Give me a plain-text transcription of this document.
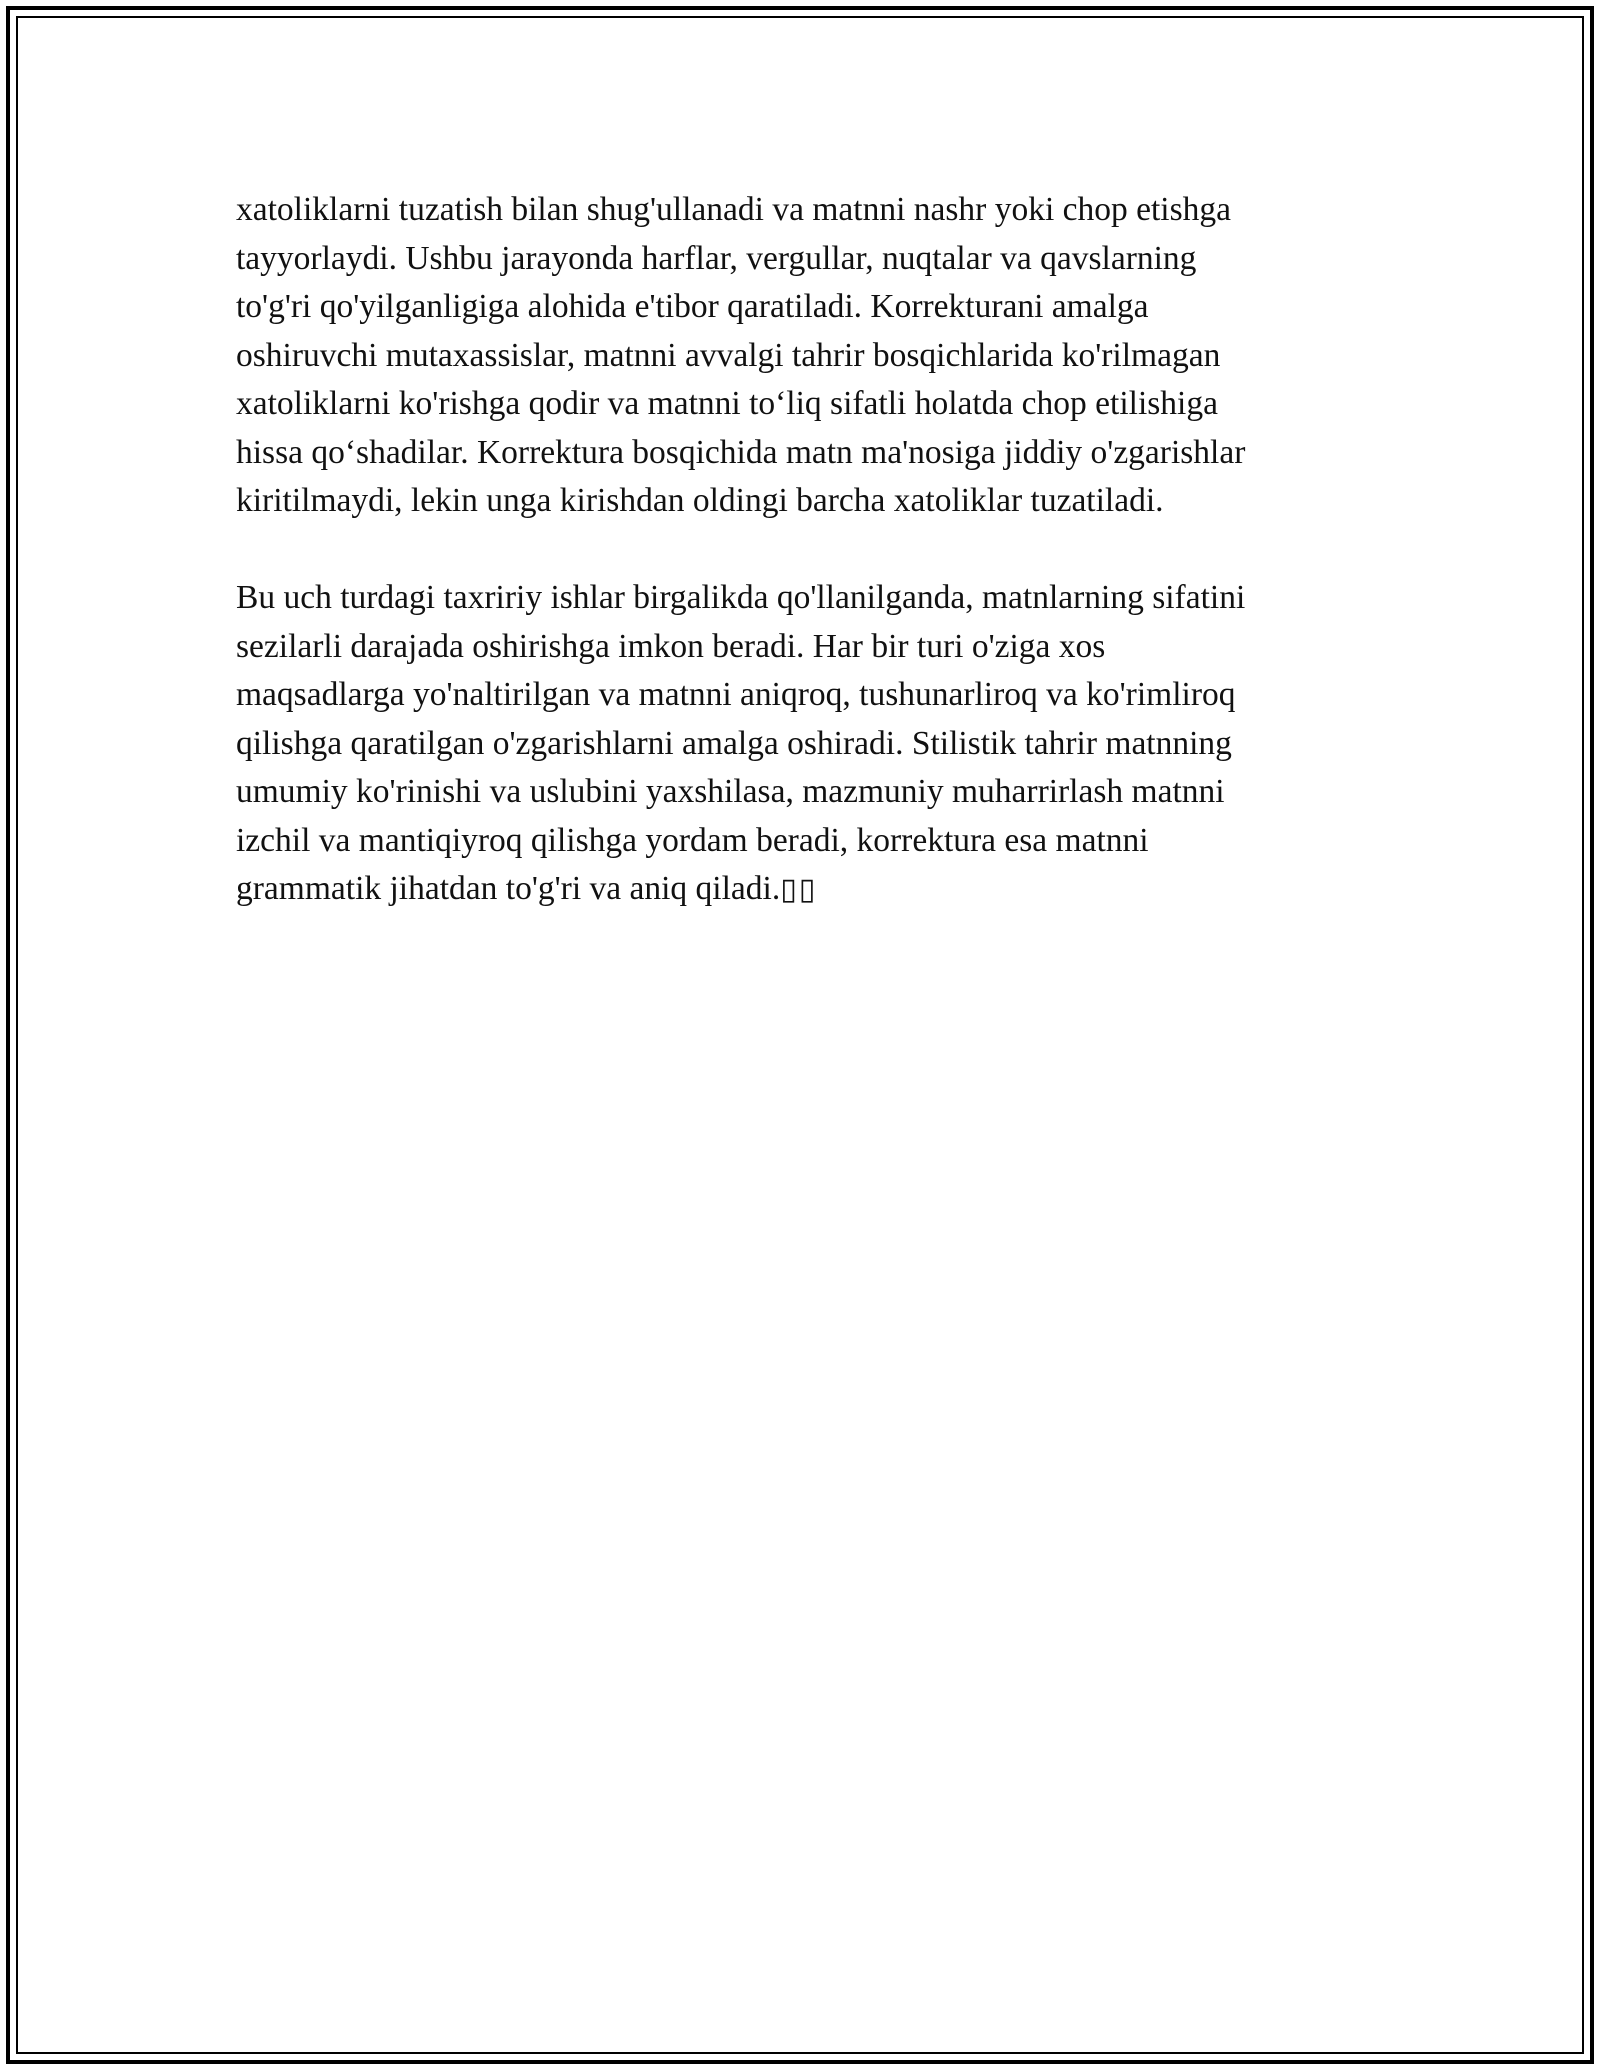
xatoliklarni tuzatish bilan shug'ullanadi va matnni nashr yoki chop etishga
tayyorlaydi. Ushbu jarayonda harflar, vergullar, nuqtalar va qavslarning
to'g'ri qo'yilganligiga alohida e'tibor qaratiladi. Korrekturani amalga
oshiruvchi mutaxassislar, matnni avvalgi tahrir bosqichlarida ko'rilmagan
xatoliklarni ko'rishga qodir va matnni to‘liq sifatli holatda chop etilishiga
hissa qo‘shadilar. Korrektura bosqichida matn ma'nosiga jiddiy o'zgarishlar
kiritilmaydi, lekin unga kirishdan oldingi barcha xatoliklar tuzatiladi.

Bu uch turdagi taxririy ishlar birgalikda qo'llanilganda, matnlarning sifatini
sezilarli darajada oshirishga imkon beradi. Har bir turi o'ziga xos
maqsadlarga yo'naltirilgan va matnni aniqroq, tushunarliroq va ko'rimliroq
qilishga qaratilgan o'zgarishlarni amalga oshiradi. Stilistik tahrir matnning
umumiy ko'rinishi va uslubini yaxshilasa, mazmuniy muharrirlash matnni
izchil va mantiqiyroq qilishga yordam beradi, korrektura esa matnni
grammatik jihatdan to'g'ri va aniq qiladi.▯▯
